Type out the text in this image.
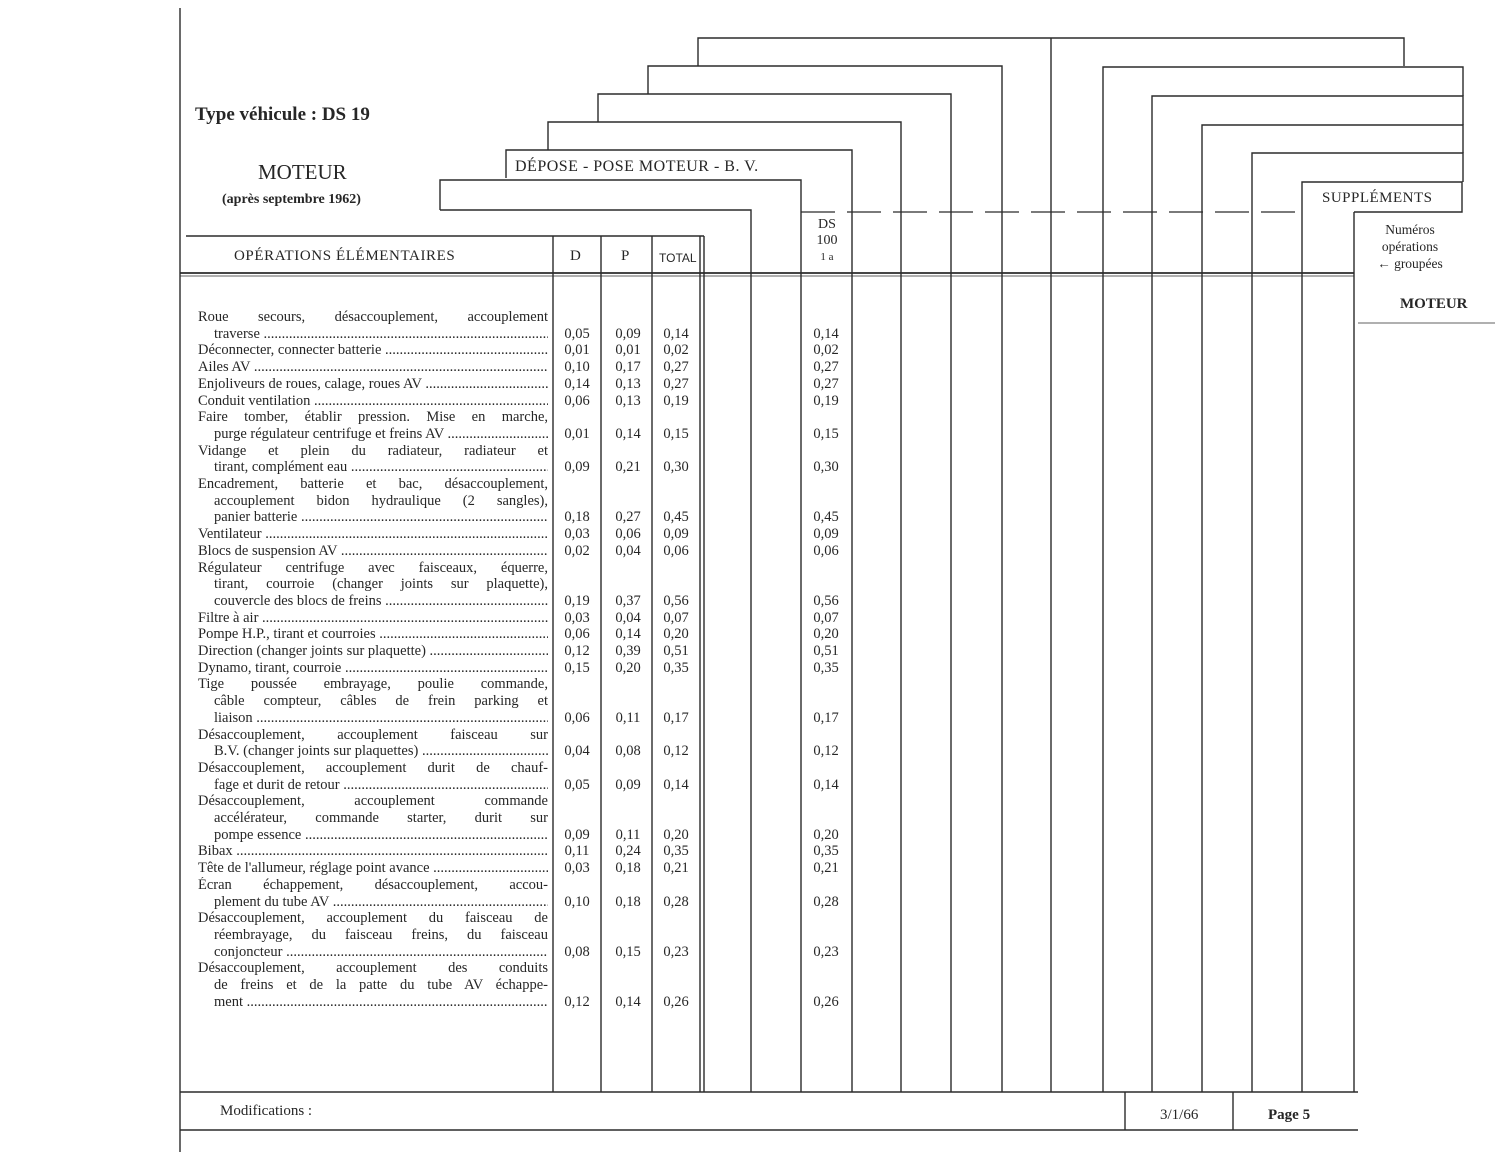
Type véhicule : DS 19
MOTEUR
(après septembre 1962)
DÉPOSE - POSE MOTEUR - B. V.
SUPPLÉMENTS
Numéros
opérations
← groupées
MOTEUR
OPÉRATIONS ÉLÉMENTAIRES	D	P TOTAL
DS
100
1 a
Roue secours, désaccouplement, accouplement
traverse .....	0,05	0,09	0,14	0,14
Déconnecter, connecter batterie .....	0,01	0,01	0,02	0,02
Ailes AV .....	0,10	0,17	0,27	0,27
Enjoliveurs de roues, calage, roues AV .....	0,14	0,13	0,27	0,27
Conduit ventilation .....	0,06	0,13	0,19	0,19
Faire tomber, établir pression. Mise en marche,
purge régulateur centrifuge et freins AV .....	0,01	0,14	0,15	0,15
Vidange et plein du radiateur, radiateur et
tirant, complément eau .....	0,09	0,21	0,30	0,30
Encadrement, batterie et bac, désaccouplement,
accouplement bidon hydraulique (2 sangles),
panier batterie .....	0,18	0,27	0,45	0,45
Ventilateur .....	0,03	0,06	0,09	0,09
Blocs de suspension AV .....	0,02	0,04	0,06	0,06
Régulateur centrifuge avec faisceaux, équerre,
tirant, courroie (changer joints sur plaquette),
couvercle des blocs de freins .....	0,19	0,37	0,56	0,56
Filtre à air .....	0,03	0,04	0,07	0,07
Pompe H.P., tirant et courroies .....	0,06	0,14	0,20	0,20
Direction (changer joints sur plaquette) .....	0,12	0,39	0,51	0,51
Dynamo, tirant, courroie .....	0,15	0,20	0,35	0,35
Tige poussée embrayage, poulie commande,
câble compteur, câbles de frein parking et
liaison .....	0,06	0,11	0,17	0,17
Désaccouplement, accouplement faisceau sur
B.V. (changer joints sur plaquettes) .....	0,04	0,08	0,12	0,12
Désaccouplement, accouplement durit de chauf-
fage et durit de retour .....	0,05	0,09	0,14	0,14
Désaccouplement, accouplement commande
accélérateur, commande starter, durit sur
pompe essence .....	0,09	0,11	0,20	0,20
Bibax .....	0,11	0,24	0,35	0,35
Tête de l'allumeur, réglage point avance .....	0,03	0,18	0,21	0,21
Écran échappement, désaccouplement, accou-
plement du tube AV .....	0,10	0,18	0,28	0,28
Désaccouplement, accouplement du faisceau de
réembrayage, du faisceau freins, du faisceau
conjoncteur .....	0,08	0,15	0,23	0,23
Désaccouplement, accouplement des conduits
de freins et de la patte du tube AV échappe-
ment .....	0,12	0,14	0,26	0,26
Modifications :	3/1/66	Page 5
